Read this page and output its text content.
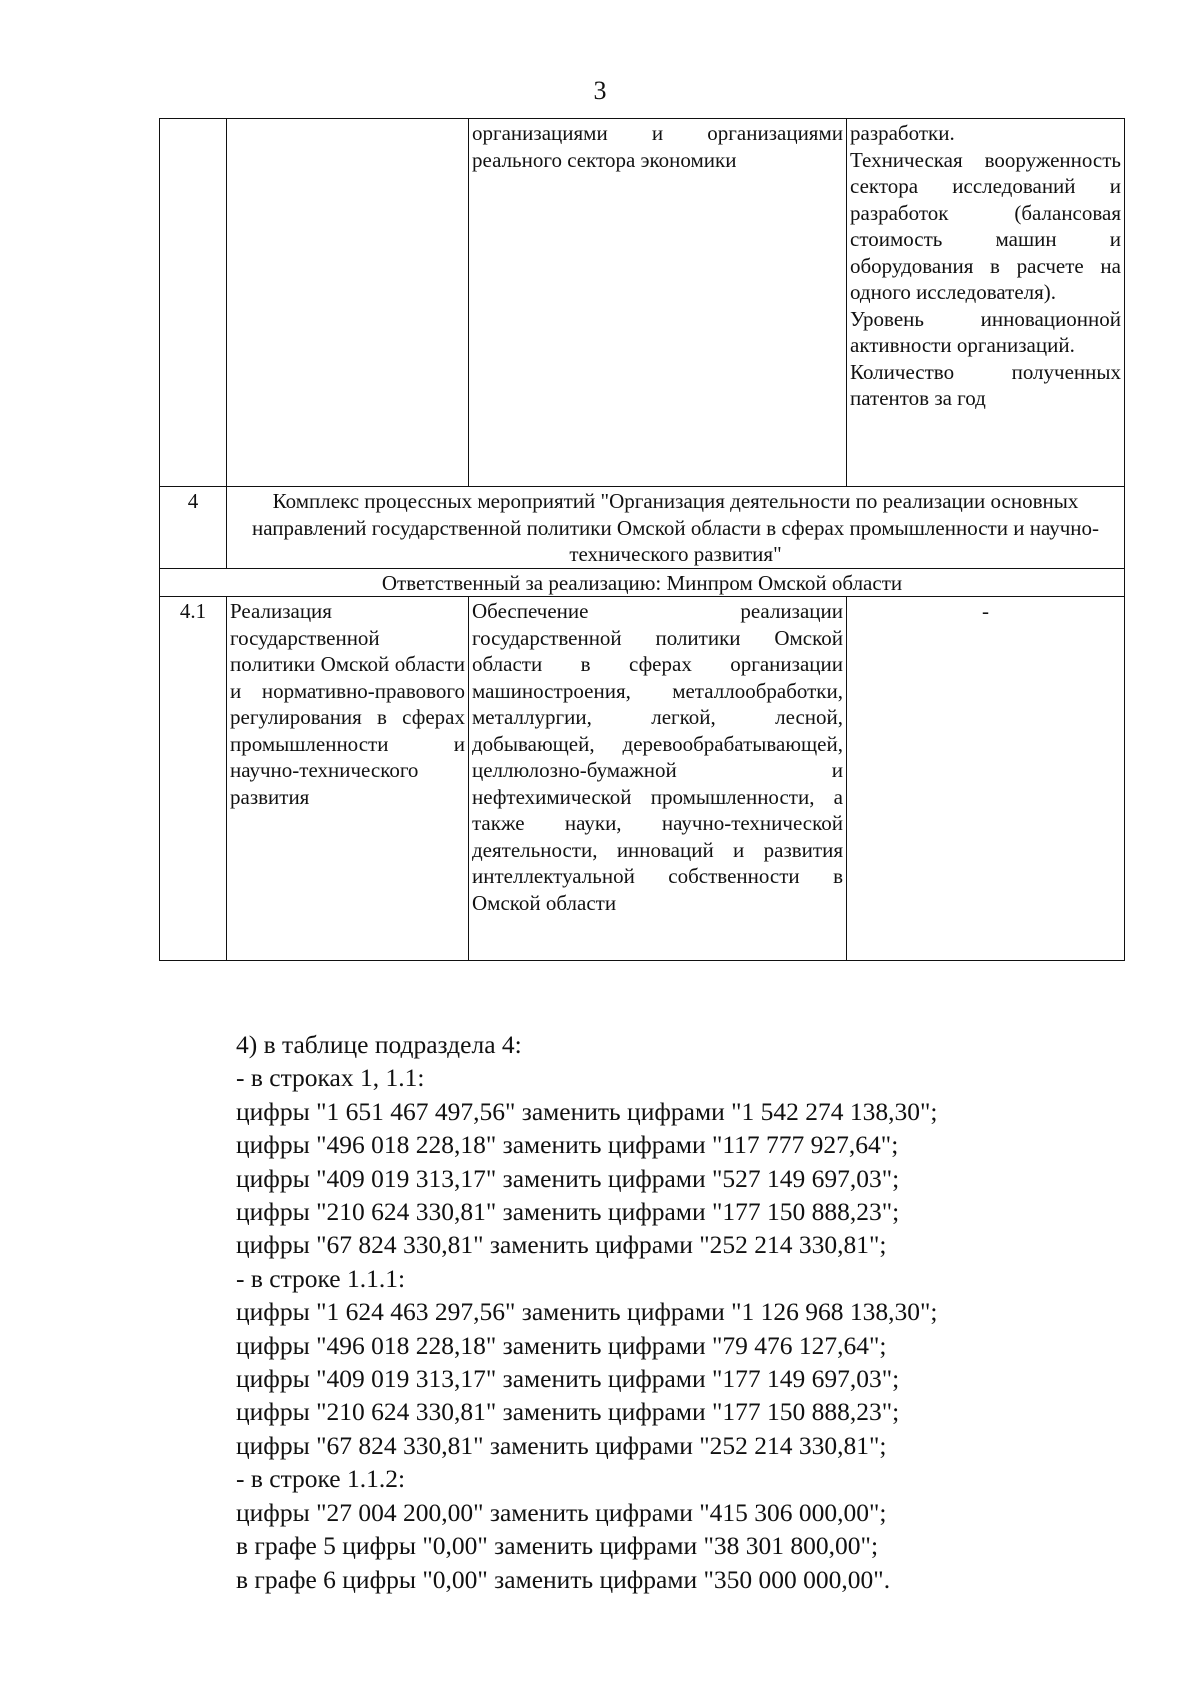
3
		организациями и организациями реального сектора экономики	разработки.

Техническая вооруженность сектора исследований и разработок (балансовая стоимость машин и оборудования в расчете на одного исследователя).

Уровень инновационной активности организаций.

Количество полученных патентов за год

4	Комплекс процессных мероприятий "Организация деятельности по реализации основных направлений государственной политики Омской области в сферах промышленности и научно-технического развития"		
Ответственный за реализацию: Минпром Омской области			
4.1	Реализация государственной политики Омской области и нормативно-правового регулирования в сферах промышленности и научно-технического развития	Обеспечение реализации государственной политики Омской области в сферах организации машиностроения, металлообработки, металлургии, легкой, лесной, добывающей, деревообрабатывающей, целлюлозно-бумажной и нефтехимической промышленности, а также науки, научно-технической деятельности, инноваций и развития интеллектуальной собственности в Омской области	-
4) в таблице подраздела 4:
- в строках 1, 1.1:
цифры "1 651 467 497,56" заменить цифрами "1 542 274 138,30";
цифры "496 018 228,18" заменить цифрами "117 777 927,64";
цифры "409 019 313,17" заменить цифрами "527 149 697,03";
цифры "210 624 330,81" заменить цифрами "177 150 888,23";
цифры "67 824 330,81" заменить цифрами "252 214 330,81";
- в строке 1.1.1:
цифры "1 624 463 297,56" заменить цифрами "1 126 968 138,30";
цифры "496 018 228,18" заменить цифрами "79 476 127,64";
цифры "409 019 313,17" заменить цифрами "177 149 697,03";
цифры "210 624 330,81" заменить цифрами "177 150 888,23";
цифры "67 824 330,81" заменить цифрами "252 214 330,81";
- в строке 1.1.2:
цифры "27 004 200,00" заменить цифрами "415 306 000,00";
в графе 5 цифры "0,00" заменить цифрами "38 301 800,00";
в графе 6 цифры "0,00" заменить цифрами "350 000 000,00".
